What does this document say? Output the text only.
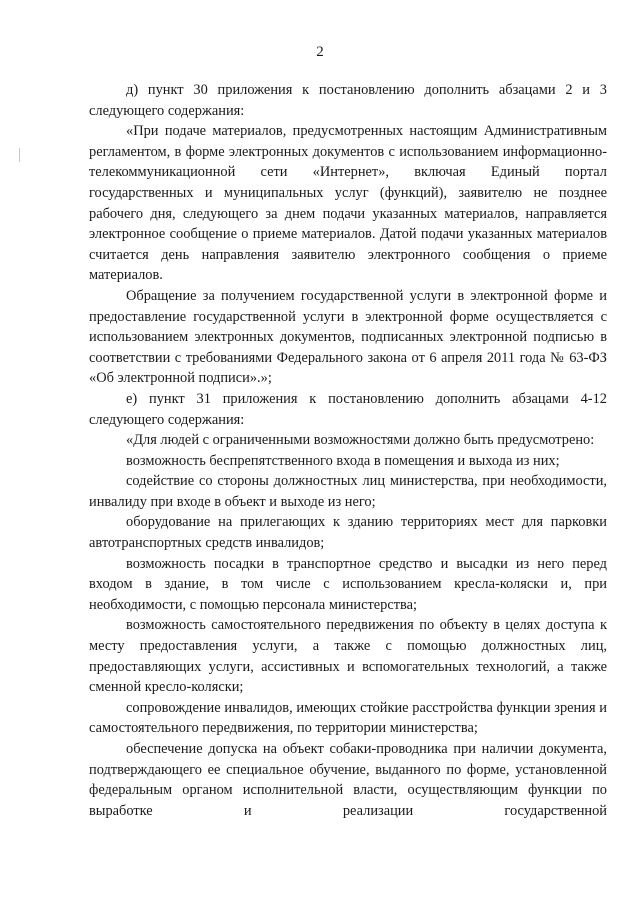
2

д) пункт 30 приложения к постановлению дополнить абзацами 2 и 3 следующего содержания:

«При подаче материалов, предусмотренных настоящим Административным регламентом, в форме электронных документов с использованием информационно-телекоммуникационной сети «Интернет», включая Единый портал государственных и муниципальных услуг (функций), заявителю не позднее рабочего дня, следующего за днем подачи указанных материалов, направляется электронное сообщение о приеме материалов. Датой подачи указанных материалов считается день направления заявителю электронного сообщения о приеме материалов.

Обращение за получением государственной услуги в электронной форме и предоставление государственной услуги в электронной форме осуществляется с использованием электронных документов, подписанных электронной подписью в соответствии с требованиями Федерального закона от 6 апреля 2011 года № 63-ФЗ «Об электронной подписи».»;

е) пункт 31 приложения к постановлению дополнить абзацами 4-12 следующего содержания:

«Для людей с ограниченными возможностями должно быть предусмотрено:

возможность беспрепятственного входа в помещения и выхода из них;

содействие со стороны должностных лиц министерства, при необходимости, инвалиду при входе в объект и выходе из него;

оборудование на прилегающих к зданию территориях мест для парковки автотранспортных средств инвалидов;

возможность посадки в транспортное средство и высадки из него перед входом в здание, в том числе с использованием кресла-коляски и, при необходимости, с помощью персонала министерства;

возможность самостоятельного передвижения по объекту в целях доступа к месту предоставления услуги, а также с помощью должностных лиц, предоставляющих услуги, ассистивных и вспомогательных технологий, а также сменной кресло-коляски;

сопровождение инвалидов, имеющих стойкие расстройства функции зрения и самостоятельного передвижения, по территории министерства;

обеспечение допуска на объект собаки-проводника при наличии документа, подтверждающего ее специальное обучение, выданного по форме, установленной федеральным органом исполнительной власти, осуществляющим функции по выработке и реализации государственной
